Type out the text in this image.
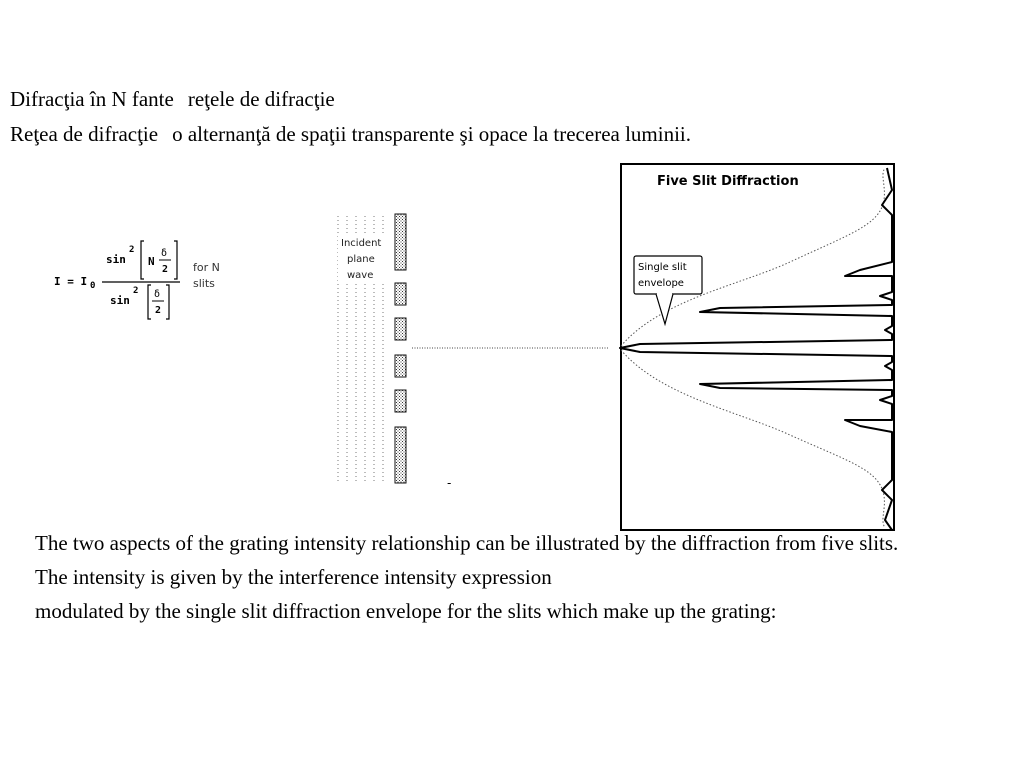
Difracţia în N fante reţele de difracţie
Reţea de difracţie o alternanţă de spaţii transparente şi opace la trecerea luminii.
I = I 0
sin
2
N
δ
2
sin
2 δ
2
for N
slits
Incident
plane
wave
-
Five Slit Diffraction
Single slit
envelope

The two aspects of the grating intensity relationship can be illustrated by the diffraction from five slits. The intensity is given by the interference intensity expression

modulated by the single slit diffraction envelope for the slits which make up the grating:
